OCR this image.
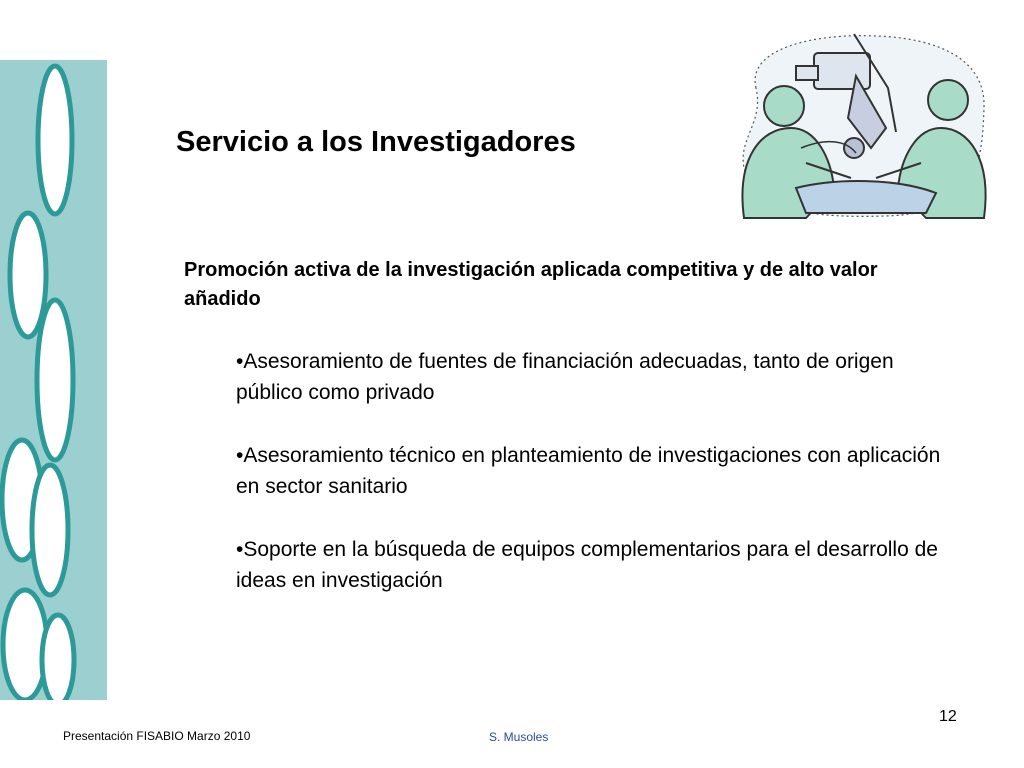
Servicio a los Investigadores
Promoción activa de la investigación aplicada competitiva y de alto valor añadido
•Asesoramiento de fuentes de financiación adecuadas, tanto de origen público como privado
•Asesoramiento técnico en planteamiento de investigaciones con aplicación en sector sanitario
•Soporte en la búsqueda de equipos complementarios para el desarrollo de ideas en investigación
Presentación FISABIO Marzo 2010	S. Musoles
12
